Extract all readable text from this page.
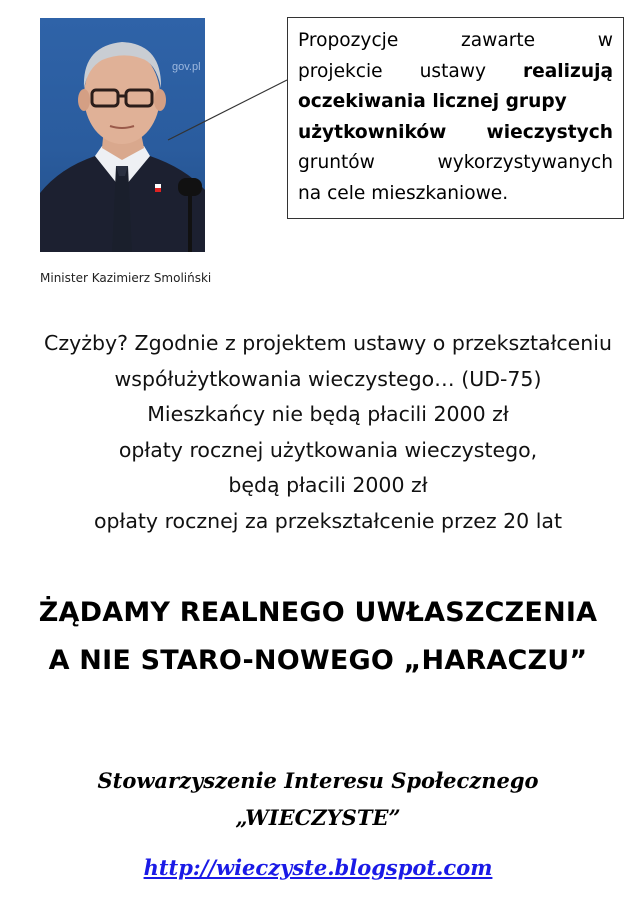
gov.pl
Minister Kazimierz Smoliński
Propozycje	zawarte	w
projekcie ustawy realizują
oczekiwania licznej grupy
użytkowników wieczystych
gruntów	wykorzystywanych
na cele mieszkaniowe.
Czyżby? Zgodnie z projektem ustawy o przekształceniu
współużytkowania wieczystego… (UD-75)
Mieszkańcy nie będą płacili 2000 zł
opłaty rocznej użytkowania wieczystego,
będą płacili 2000 zł
opłaty rocznej za przekształcenie przez 20 lat
ŻĄDAMY REALNEGO UWŁASZCZENIA
A NIE STARO-NOWEGO „HARACZU”
Stowarzyszenie Interesu Społecznego
„WIECZYSTE”
http://wieczyste.blogspot.com
